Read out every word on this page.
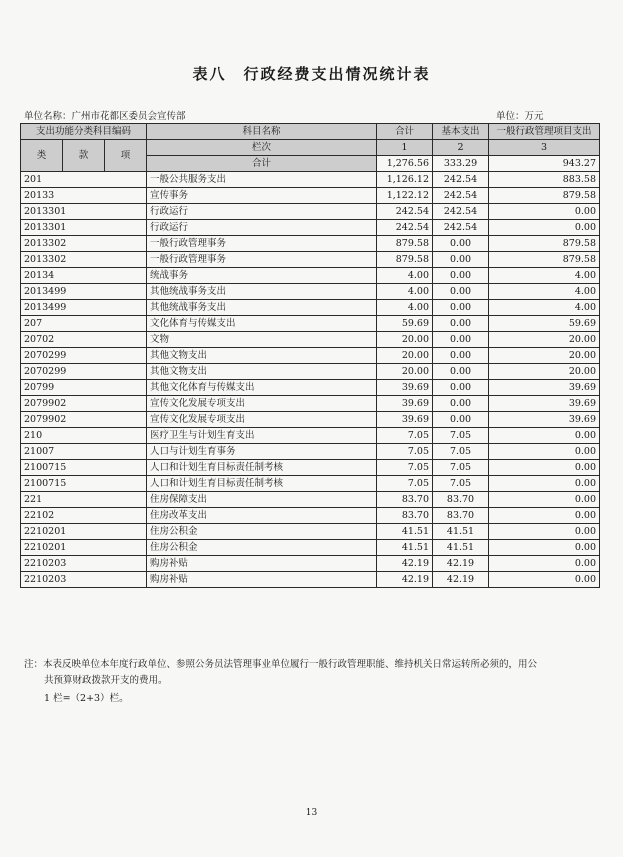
表八　行政经费支出情况统计表
单位名称：广州市花都区委员会宣传部	单位：万元
支出功能分类科目编码			科目名称	合计	基本支出	一般行政管理项目支出
类	款	项	栏次	1	2	3
			合计	1,276.56	333.29	943.27
201			一般公共服务支出	1,126.12	242.54	883.58
20133			宣传事务	1,122.12	242.54	879.58
2013301			行政运行	242.54	242.54	0.00
2013301			行政运行	242.54	242.54	0.00
2013302			一般行政管理事务	879.58	0.00	879.58
2013302			一般行政管理事务	879.58	0.00	879.58
20134			统战事务	4.00	0.00	4.00
2013499			其他统战事务支出	4.00	0.00	4.00
2013499			其他统战事务支出	4.00	0.00	4.00
207			文化体育与传媒支出	59.69	0.00	59.69
20702			文物	20.00	0.00	20.00
2070299			其他文物支出	20.00	0.00	20.00
2070299			其他文物支出	20.00	0.00	20.00
20799			其他文化体育与传媒支出	39.69	0.00	39.69
2079902			宣传文化发展专项支出	39.69	0.00	39.69
2079902			宣传文化发展专项支出	39.69	0.00	39.69
210			医疗卫生与计划生育支出	7.05	7.05	0.00
21007			人口与计划生育事务	7.05	7.05	0.00
2100715			人口和计划生育目标责任制考核	7.05	7.05	0.00
2100715			人口和计划生育目标责任制考核	7.05	7.05	0.00
221			住房保障支出	83.70	83.70	0.00
22102			住房改革支出	83.70	83.70	0.00
2210201			住房公积金	41.51	41.51	0.00
2210201			住房公积金	41.51	41.51	0.00
2210203			购房补贴	42.19	42.19	0.00
2210203			购房补贴	42.19	42.19	0.00
注：本表反映单位本年度行政单位、参照公务员法管理事业单位履行一般行政管理职能、维持机关日常运转所必须的，用公
共预算财政拨款开支的费用。
1 栏=（2+3）栏。
13
